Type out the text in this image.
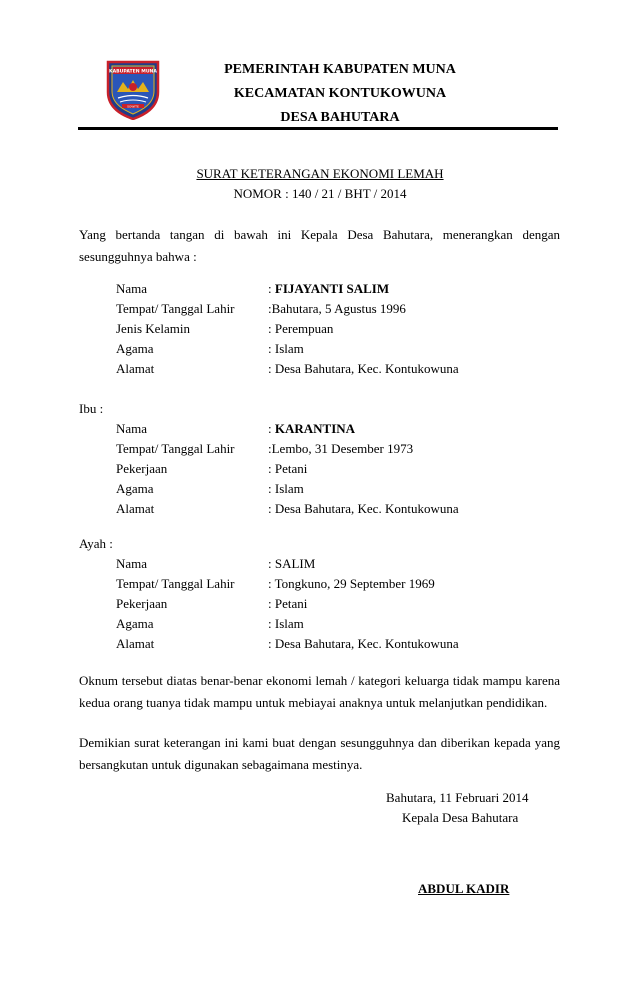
KABUPATEN MUNA
SOWITE
PEMERINTAH KABUPATEN MUNA
KECAMATAN KONTUKOWUNA
DESA BAHUTARA
SURAT KETERANGAN EKONOMI LEMAH
NOMOR : 140 / 21 / BHT / 2014
Yang bertanda tangan di bawah ini Kepala Desa Bahutara, menerangkan dengan
sesungguhnya bahwa :
Nama	: FIJAYANTI SALIM
Tempat/ Tanggal Lahir	:Bahutara, 5 Agustus 1996
Jenis Kelamin	: Perempuan
Agama	: Islam
Alamat	: Desa Bahutara, Kec. Kontukowuna
Ibu :
Nama	: KARANTINA
Tempat/ Tanggal Lahir	:Lembo, 31 Desember 1973
Pekerjaan	: Petani
Agama	: Islam
Alamat	: Desa Bahutara, Kec. Kontukowuna
Ayah :
Nama	: SALIM
Tempat/ Tanggal Lahir	: Tongkuno, 29 September 1969
Pekerjaan	: Petani
Agama	: Islam
Alamat	: Desa Bahutara, Kec. Kontukowuna
Oknum tersebut diatas benar-benar ekonomi lemah / kategori keluarga tidak mampu karena
kedua orang tuanya tidak mampu untuk mebiayai anaknya untuk melanjutkan pendidikan.
Demikian surat keterangan ini kami buat dengan sesungguhnya dan diberikan kepada yang
bersangkutan untuk digunakan sebagaimana mestinya.
Bahutara, 11 Februari 2014
Kepala Desa Bahutara
ABDUL KADIR
